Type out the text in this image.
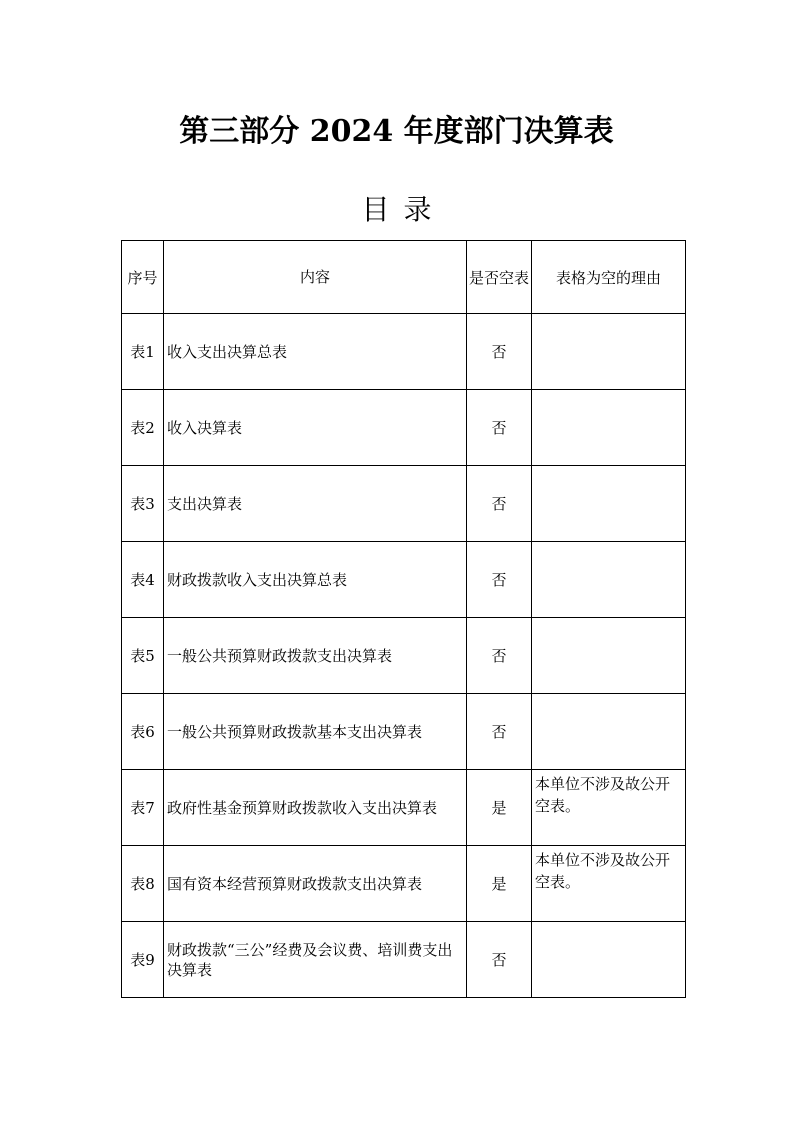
第三部分 2024 年度部门决算表
目录
序号	内容	是否空表	表格为空的理由
表1	收入支出决算总表	否	
表2	收入决算表	否	
表3	支出决算表	否	
表4	财政拨款收入支出决算总表	否	
表5	一般公共预算财政拨款支出决算表	否	
表6	一般公共预算财政拨款基本支出决算表	否	
表7	政府性基金预算财政拨款收入支出决算表	是	本单位不涉及故公开空表。
表8	国有资本经营预算财政拨款支出决算表	是	本单位不涉及故公开空表。
表9	财政拨款“三公”经费及会议费、培训费支出决算表	否	
